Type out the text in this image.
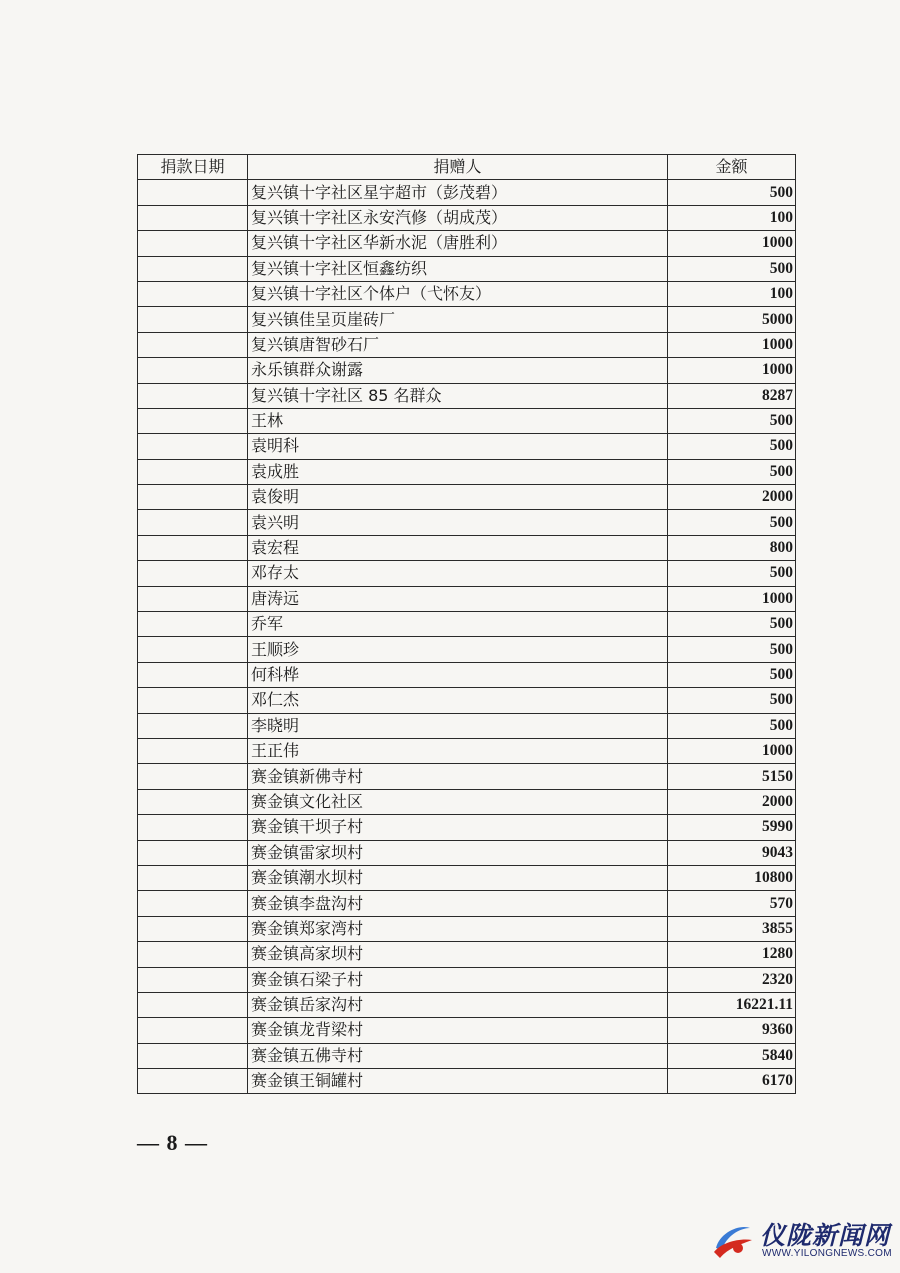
捐款日期	捐赠人	金额
	复兴镇十字社区星宇超市（彭茂碧）	500
	复兴镇十字社区永安汽修（胡成茂）	100
	复兴镇十字社区华新水泥（唐胜利）	1000
	复兴镇十字社区恒鑫纺织	500
	复兴镇十字社区个体户（弋怀友）	100
	复兴镇佳呈页崖砖厂	5000
	复兴镇唐智砂石厂	1000
	永乐镇群众谢露	1000
	复兴镇十字社区 85 名群众	8287
	王林	500
	袁明科	500
	袁成胜	500
	袁俊明	2000
	袁兴明	500
	袁宏程	800
	邓存太	500
	唐涛远	1000
	乔军	500
	王顺珍	500
	何科桦	500
	邓仁杰	500
	李晓明	500
	王正伟	1000
	赛金镇新佛寺村	5150
	赛金镇文化社区	2000
	赛金镇干坝子村	5990
	赛金镇雷家坝村	9043
	赛金镇潮水坝村	10800
	赛金镇李盘沟村	570
	赛金镇郑家湾村	3855
	赛金镇高家坝村	1280
	赛金镇石梁子村	2320
	赛金镇岳家沟村	16221.11
	赛金镇龙背梁村	9360
	赛金镇五佛寺村	5840
	赛金镇王铜罐村	6170
— 8 —
仪陇新闻网
WWW.YILONGNEWS.COM
